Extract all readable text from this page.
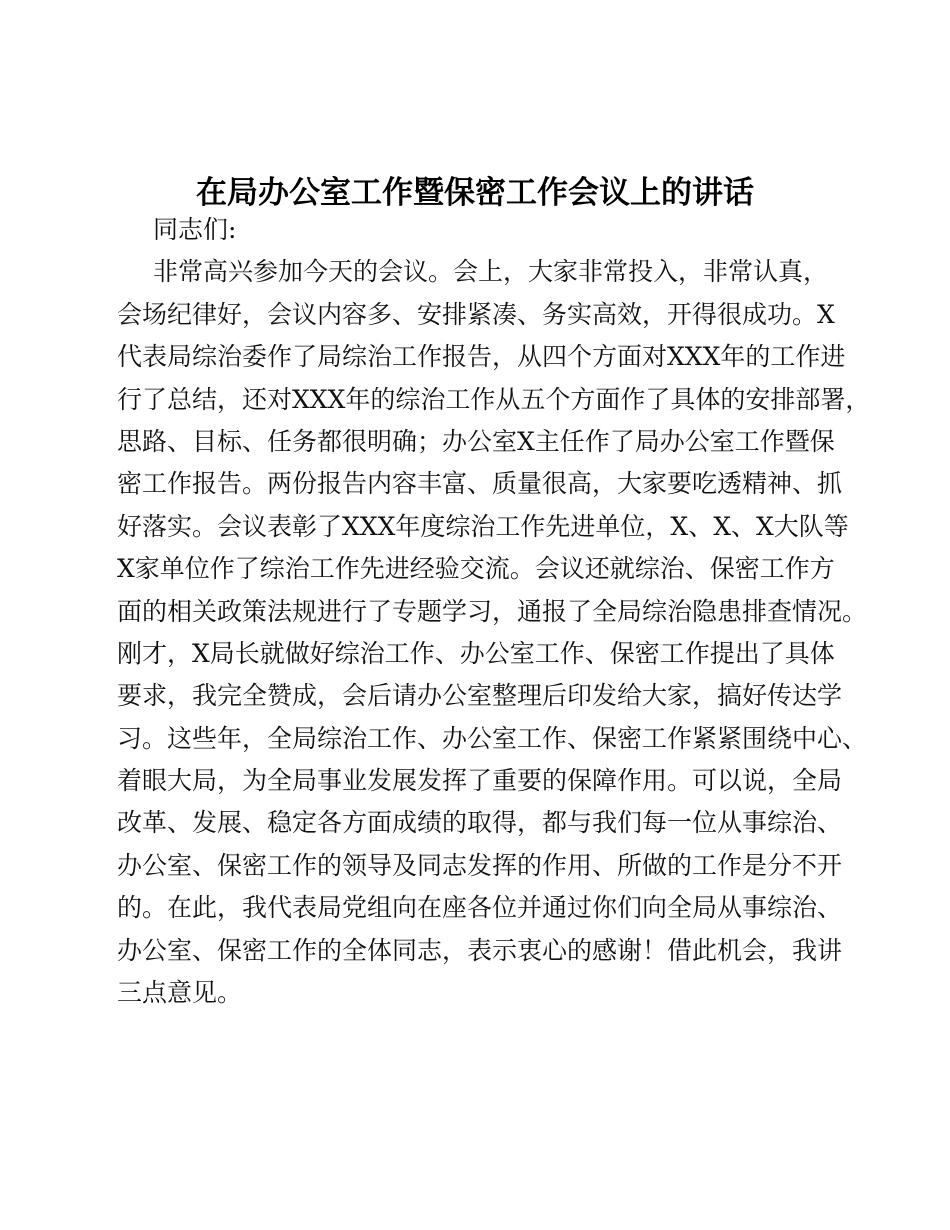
在局办公室工作暨保密工作会议上的讲话
同志们:
非常高兴参加今天的会议。会上，大家非常投入，非常认真，
会场纪律好，会议内容多、安排紧凑、务实高效，开得很成功。X
代表局综治委作了局综治工作报告，从四个方面对XXX年的工作进
行了总结，还对XXX年的综治工作从五个方面作了具体的安排部署，
思路、目标、任务都很明确；办公室X主任作了局办公室工作暨保
密工作报告。两份报告内容丰富、质量很高，大家要吃透精神、抓
好落实。会议表彰了XXX年度综治工作先进单位，X、X、X大队等
X家单位作了综治工作先进经验交流。会议还就综治、保密工作方
面的相关政策法规进行了专题学习，通报了全局综治隐患排查情况。
刚才，X局长就做好综治工作、办公室工作、保密工作提出了具体
要求，我完全赞成，会后请办公室整理后印发给大家，搞好传达学
习。这些年，全局综治工作、办公室工作、保密工作紧紧围绕中心、
着眼大局，为全局事业发展发挥了重要的保障作用。可以说，全局
改革、发展、稳定各方面成绩的取得，都与我们每一位从事综治、
办公室、保密工作的领导及同志发挥的作用、所做的工作是分不开
的。在此，我代表局党组向在座各位并通过你们向全局从事综治、
办公室、保密工作的全体同志，表示衷心的感谢！借此机会，我讲
三点意见。
